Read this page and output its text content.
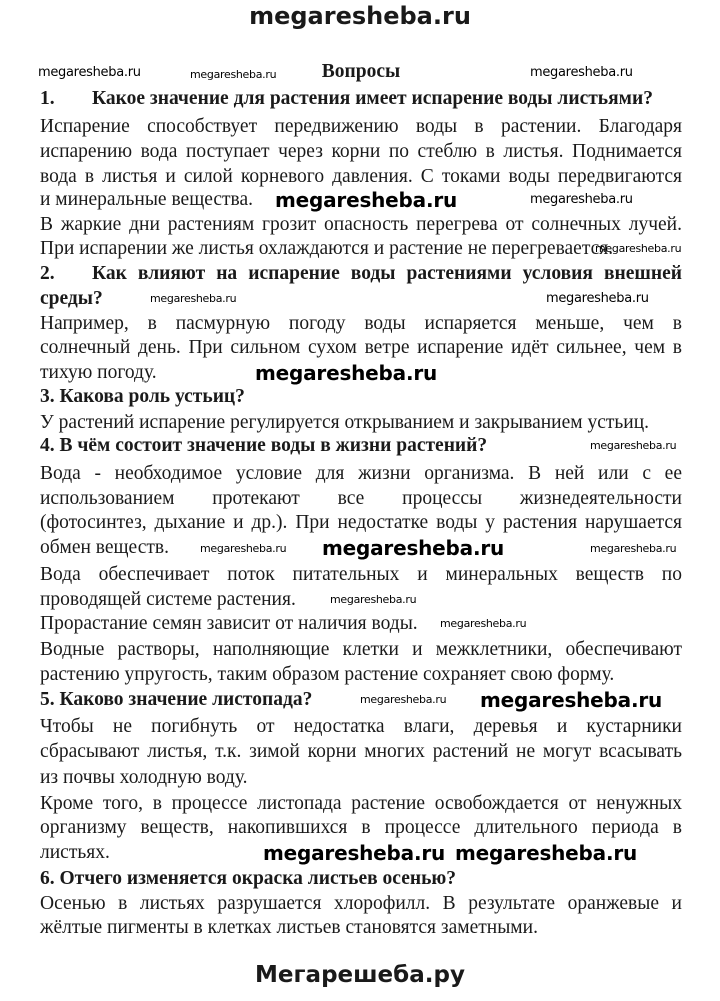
megaresheba.ru
Вопросы
1. Какое значение для растения имеет испарение воды листьями?
Испарение способствует передвижению воды в растении. Благодаря
испарению вода поступает через корни по стеблю в листья. Поднимается
вода в листья и силой корневого давления. С токами воды передвигаются
и минеральные вещества.
В жаркие дни растениям грозит опасность перегрева от солнечных лучей.
При испарении же листья охлаждаются и растение не перегревается.
2. Как влияют на испарение воды растениями условия внешней
среды?
Например, в пасмурную погоду воды испаряется меньше, чем в
солнечный день. При сильном сухом ветре испарение идёт сильнее, чем в
тихую погоду.
3. Какова роль устьиц?
У растений испарение регулируется открыванием и закрыванием устьиц.
4. В чём состоит значение воды в жизни растений?
Вода - необходимое условие для жизни организма. В ней или с ее
использованием протекают все процессы жизнедеятельности
(фотосинтез, дыхание и др.). При недостатке воды у растения нарушается
обмен веществ.
Вода обеспечивает поток питательных и минеральных веществ по
проводящей системе растения.
Прорастание семян зависит от наличия воды.
Водные растворы, наполняющие клетки и межклетники, обеспечивают
растению упругость, таким образом растение сохраняет свою форму.
5. Каково значение листопада?
Чтобы не погибнуть от недостатка влаги, деревья и кустарники
сбрасывают листья, т.к. зимой корни многих растений не могут всасывать
из почвы холодную воду.
Кроме того, в процессе листопада растение освобождается от ненужных
организму веществ, накопившихся в процессе длительного периода в
листьях.
6. Отчего изменяется окраска листьев осенью?
Осенью в листьях разрушается хлорофилл. В результате оранжевые и
жёлтые пигменты в клетках листьев становятся заметными.
megaresheba.ru	megaresheba.ru	megaresheba.ru
megaresheba.ru	megaresheba.ru
megaresheba.ru
megaresheba.ru	megaresheba.ru
megaresheba.ru
megaresheba.ru
megaresheba.ru
megaresheba.ru	megaresheba.ru
megaresheba.ru
megaresheba.ru
megaresheba.ru megaresheba.ru
megaresheba.ru megaresheba.ru
Мегарешеба.ру
